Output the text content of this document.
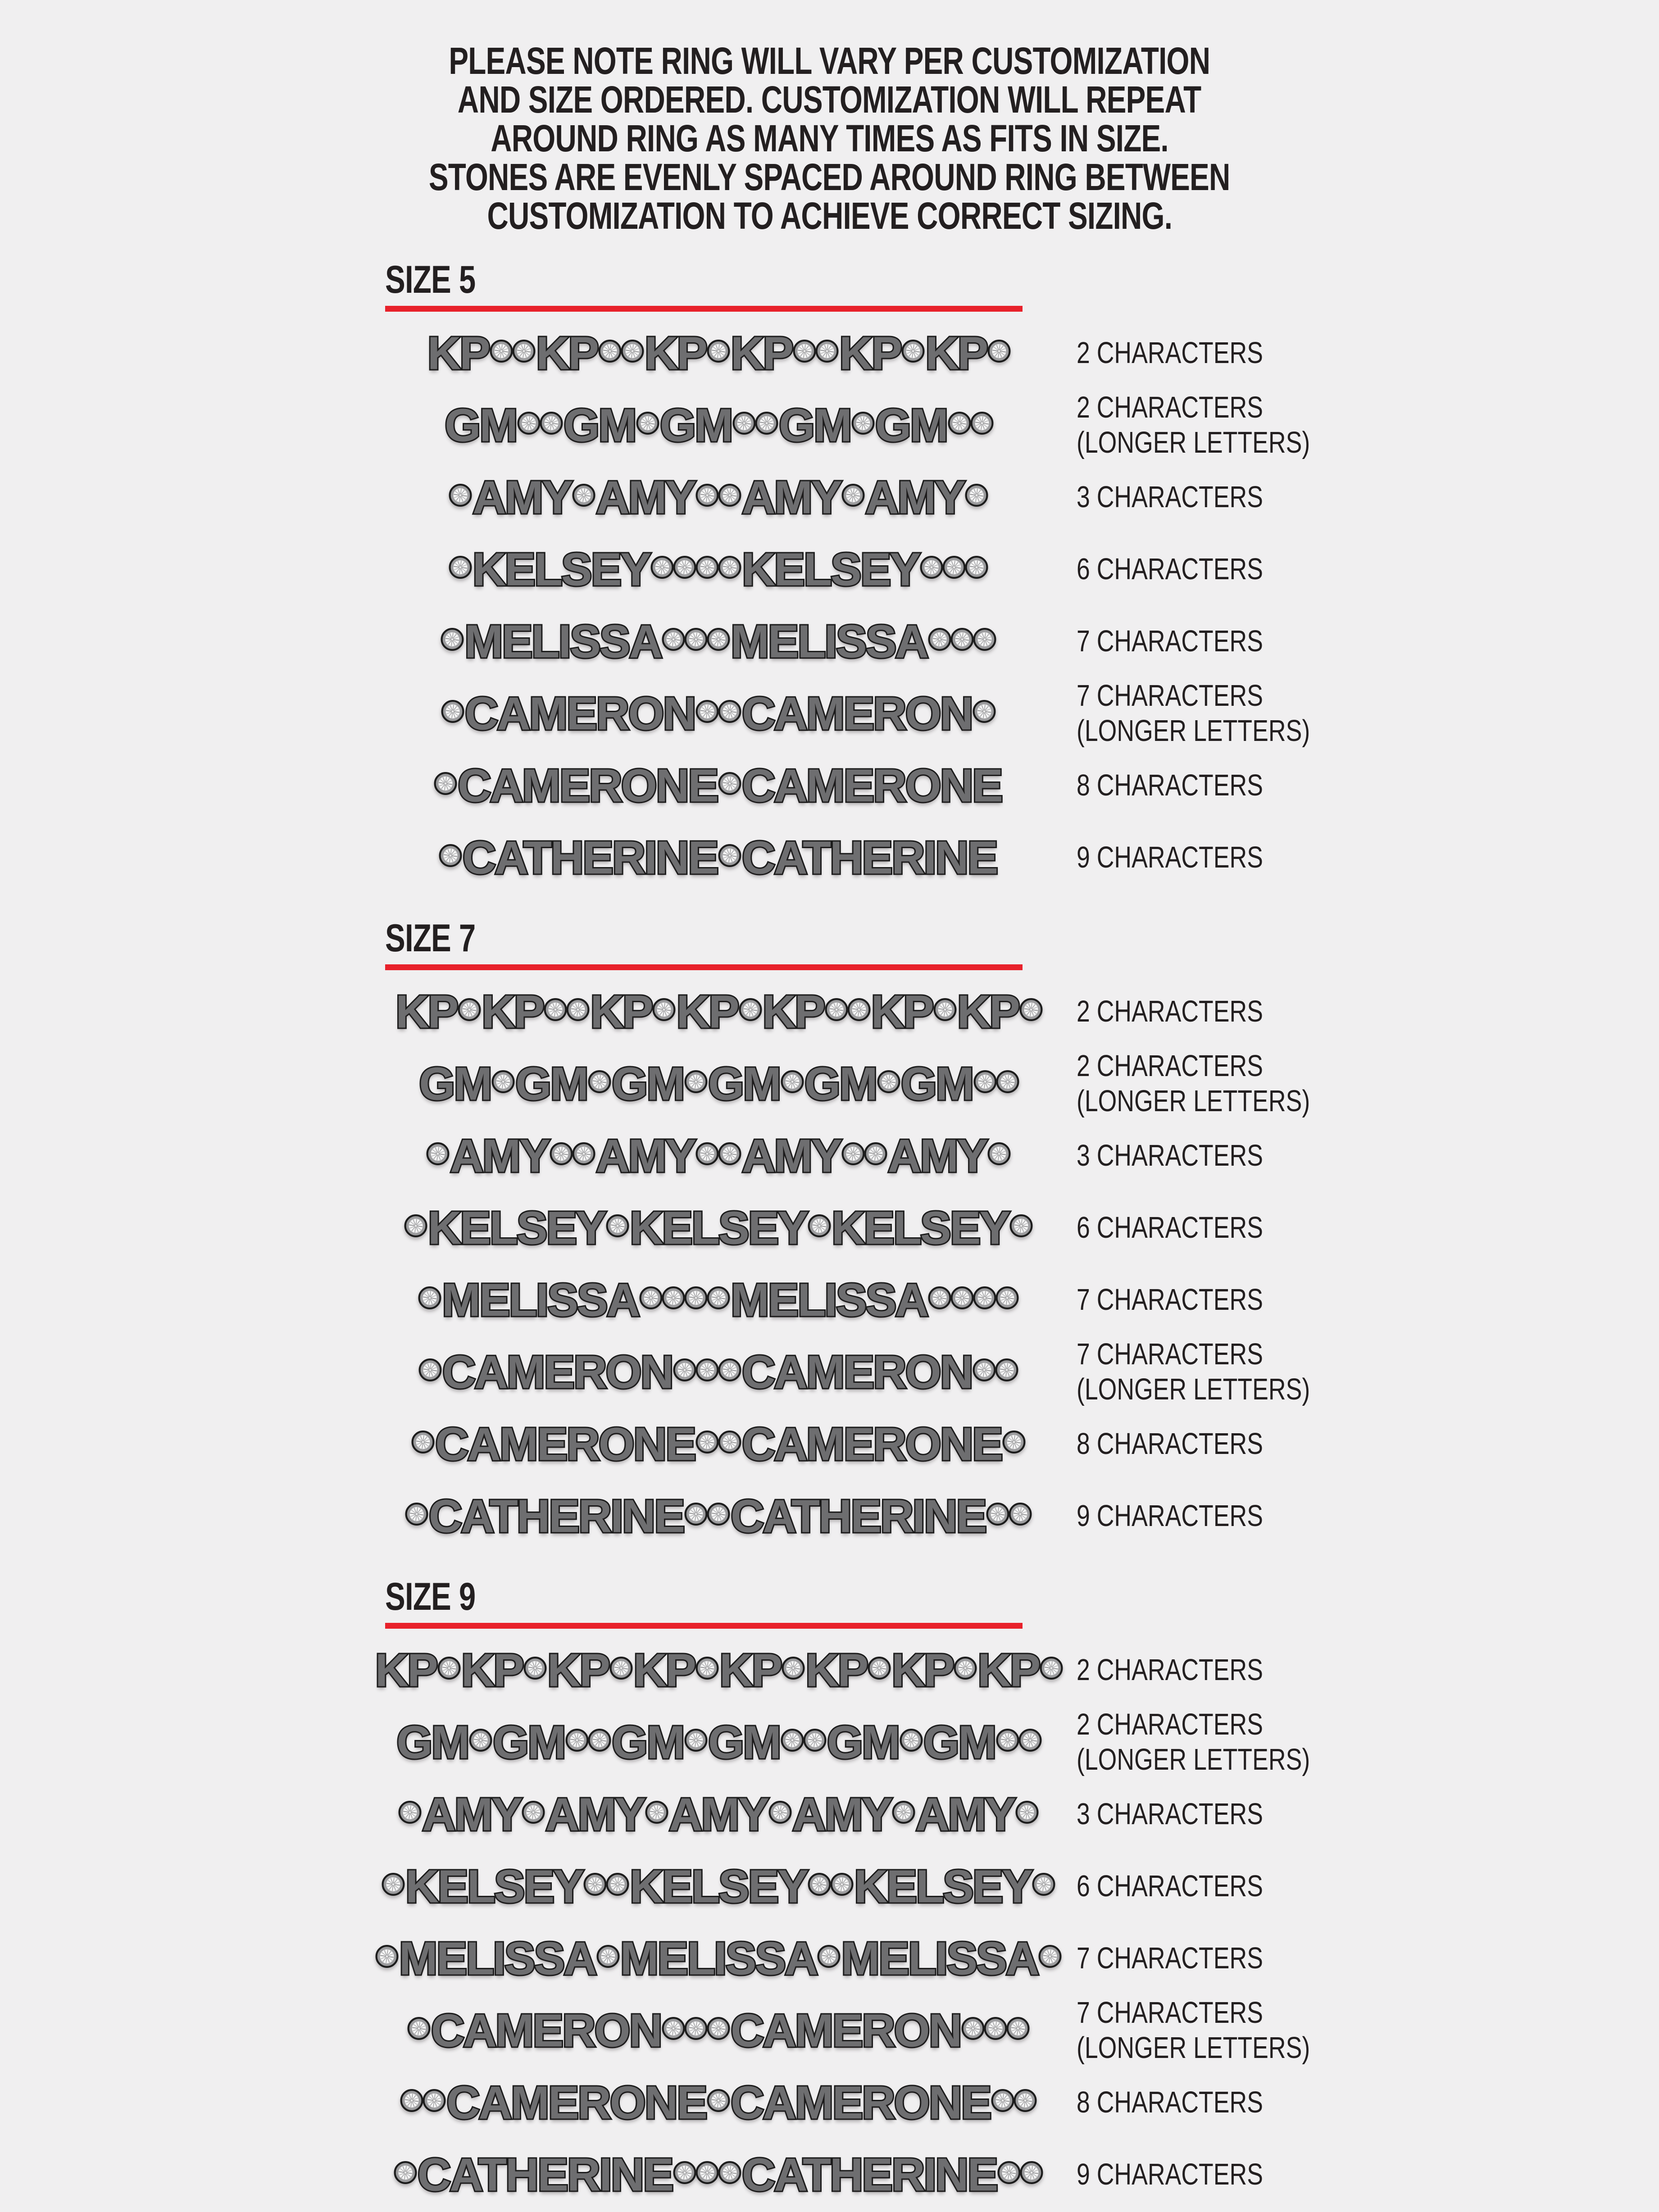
PLEASE NOTE RING WILL VARY PER CUSTOMIZATION
AND SIZE ORDERED. CUSTOMIZATION WILL REPEAT
AROUND RING AS MANY TIMES AS FITS IN SIZE.
STONES ARE EVENLY SPACED AROUND RING BETWEEN
CUSTOMIZATION TO ACHIEVE CORRECT SIZING.
SIZE 5
KP KP KP KP KP KP	2 CHARACTERS
GM GM GM GM GM	2 CHARACTERS
(LONGER LETTERS)
AMY AMY AMY AMY	3 CHARACTERS
KELSEY KELSEY	6 CHARACTERS
MELISSA MELISSA	7 CHARACTERS
CAMERON CAMERON	7 CHARACTERS
(LONGER LETTERS)
CAMERONE CAMERONE 8 CHARACTERS
CATHERINE CATHERINE	9 CHARACTERS
SIZE 7
KP KP KP KP KP KP KP 2 CHARACTERS
GM GM GM GM GM GM	2 CHARACTERS
(LONGER LETTERS)
AMY AMY AMY AMY	3 CHARACTERS
KELSEY KELSEY KELSEY 6 CHARACTERS
MELISSA MELISSA	7 CHARACTERS
CAMERON CAMERON	7 CHARACTERS
(LONGER LETTERS)
CAMERONE CAMERONE 8 CHARACTERS
CATHERINE CATHERINE	9 CHARACTERS
SIZE 9
KP KP KP KP KP KP KP KP 2 CHARACTERS
GM GM GM GM GM GM	2 CHARACTERS
(LONGER LETTERS)
AMY AMY AMY AMY AMY 3 CHARACTERS
KELSEY KELSEY KELSEY 6 CHARACTERS
MELISSA MELISSA MELISSA 7 CHARACTERS
CAMERON CAMERON	7 CHARACTERS
(LONGER LETTERS)
CAMERONE CAMERONE	8 CHARACTERS
CATHERINE CATHERINE	9 CHARACTERS
